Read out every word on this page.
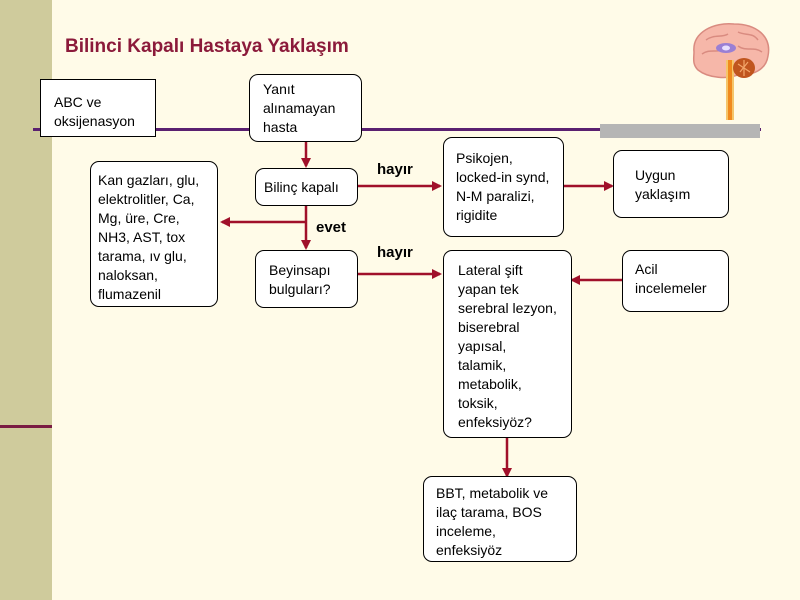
Bilinci Kapalı Hastaya Yaklaşım
ABC ve
oksijenasyon
Yanıt
alınamayan
hasta
Bilinç kapalı
Kan gazları, glu,
elektrolitler, Ca,
Mg, üre, Cre,
NH3, AST, tox
tarama, ıv glu,
naloksan,
flumazenil
Psikojen,
locked-in synd,
N-M paralizi,
rigidite
Uygun
yaklaşım
Beyinsapı
bulguları?
Lateral şift
yapan tek
serebral lezyon,
biserebral
yapısal,
talamik,
metabolik,
toksik,
enfeksiyöz?
Acil
incelemeler
BBT, metabolik ve
ilaç tarama, BOS
inceleme,
enfeksiyöz
hayır
evet
hayır
